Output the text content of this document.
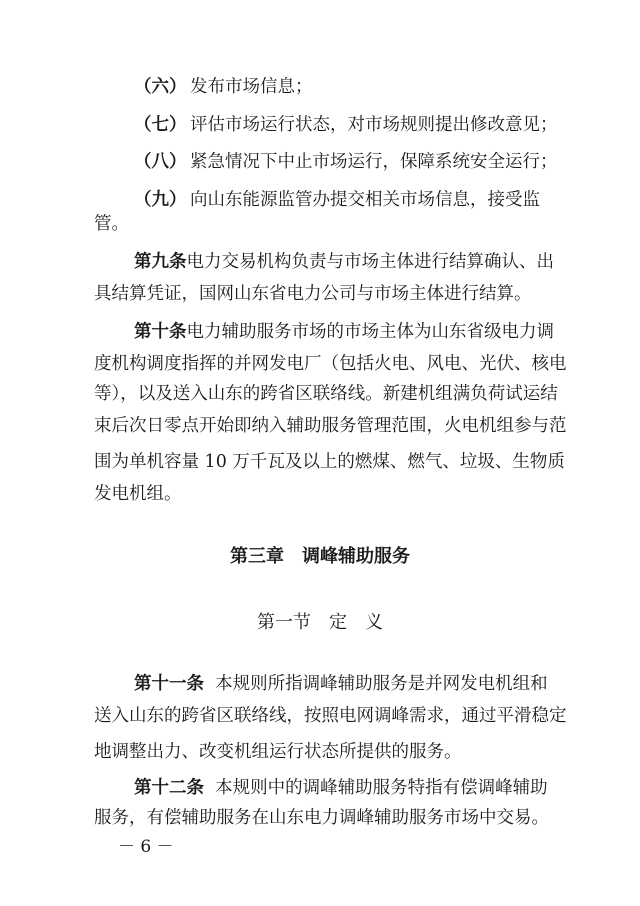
（六） 发布市场信息；
（七） 评估市场运行状态，对市场规则提出修改意见；
（八） 紧急情况下中止市场运行，保障系统安全运行；
（九） 向山东能源监管办提交相关市场信息，接受监
管。
第九条电力交易机构负责与市场主体进行结算确认、出
具结算凭证，国网山东省电力公司与市场主体进行结算。
第十条电力辅助服务市场的市场主体为山东省级电力调
度机构调度指挥的并网发电厂（包括火电、风电、光伏、核电
等），以及送入山东的跨省区联络线。新建机组满负荷试运结
束后次日零点开始即纳入辅助服务管理范围，火电机组参与范
围为单机容量 10 万千瓦及以上的燃煤、燃气、垃圾、生物质
发电机组。
第三章　调峰辅助服务
第一节　定　义
第十一条 本规则所指调峰辅助服务是并网发电机组和
送入山东的跨省区联络线，按照电网调峰需求，通过平滑稳定
地调整出力、改变机组运行状态所提供的服务。
第十二条 本规则中的调峰辅助服务特指有偿调峰辅助
服务，有偿辅助服务在山东电力调峰辅助服务市场中交易。
－ 6 －
